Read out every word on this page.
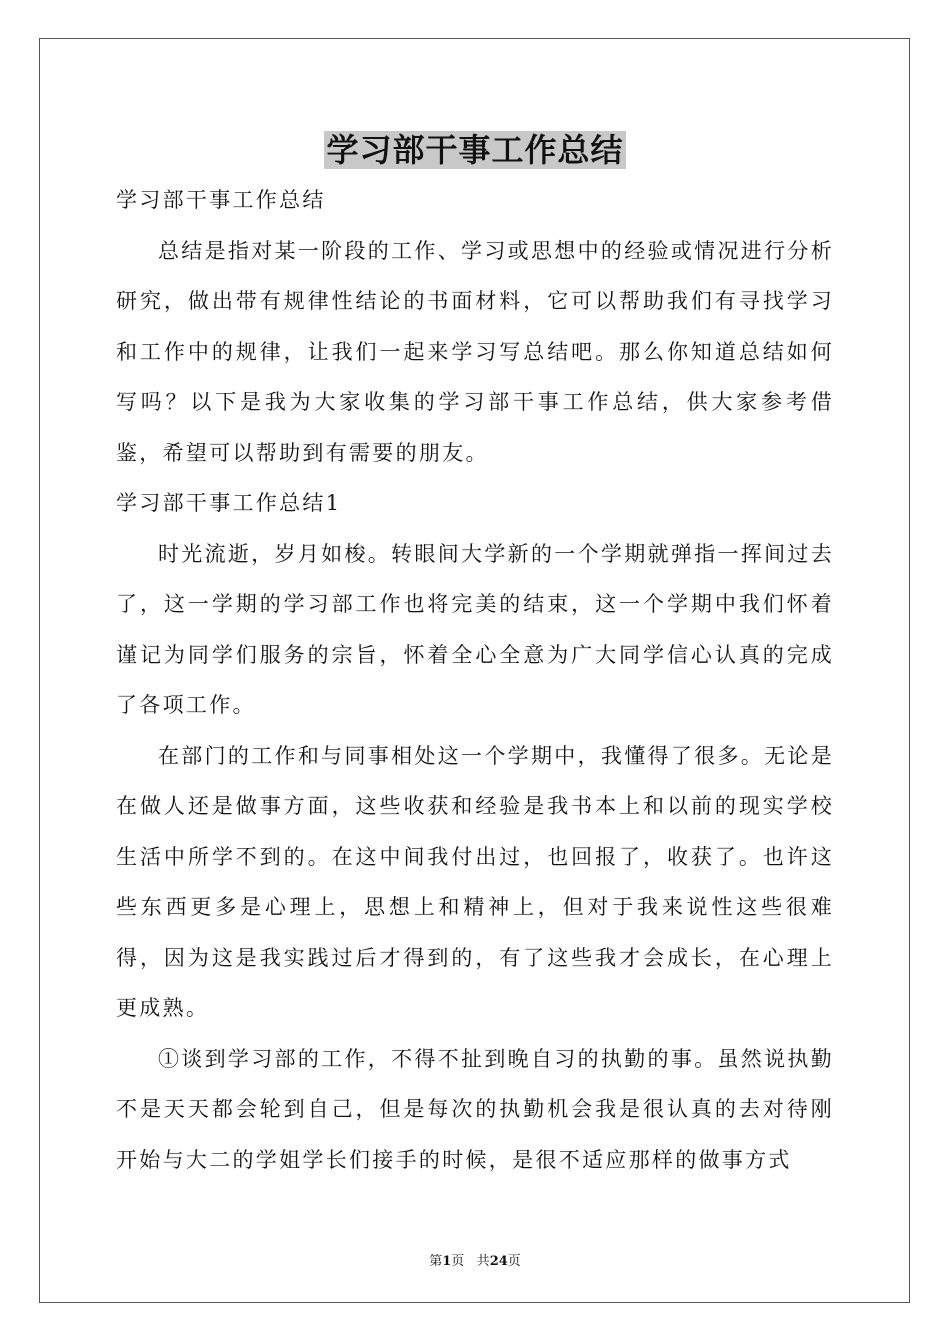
学习部干事工作总结

学习部干事工作总结

总结是指对某一阶段的工作、学习或思想中的经验或情况进行分析研究，做出带有规律性结论的书面材料，它可以帮助我们有寻找学习和工作中的规律，让我们一起来学习写总结吧。那么你知道总结如何写吗？以下是我为大家收集的学习部干事工作总结，供大家参考借鉴，希望可以帮助到有需要的朋友。

学习部干事工作总结1

时光流逝，岁月如梭。转眼间大学新的一个学期就弹指一挥间过去了，这一学期的学习部工作也将完美的结束，这一个学期中我们怀着谨记为同学们服务的宗旨，怀着全心全意为广大同学信心认真的完成了各项工作。

在部门的工作和与同事相处这一个学期中，我懂得了很多。无论是在做人还是做事方面，这些收获和经验是我书本上和以前的现实学校生活中所学不到的。在这中间我付出过，也回报了，收获了。也许这些东西更多是心理上，思想上和精神上，但对于我来说性这些很难得，因为这是我实践过后才得到的，有了这些我才会成长，在心理上更成熟。

①谈到学习部的工作，不得不扯到晚自习的执勤的事。虽然说执勤不是天天都会轮到自己，但是每次的执勤机会我是很认真的去对待刚开始与大二的学姐学长们接手的时候，是很不适应那样的做事方式

第1页 共24页
